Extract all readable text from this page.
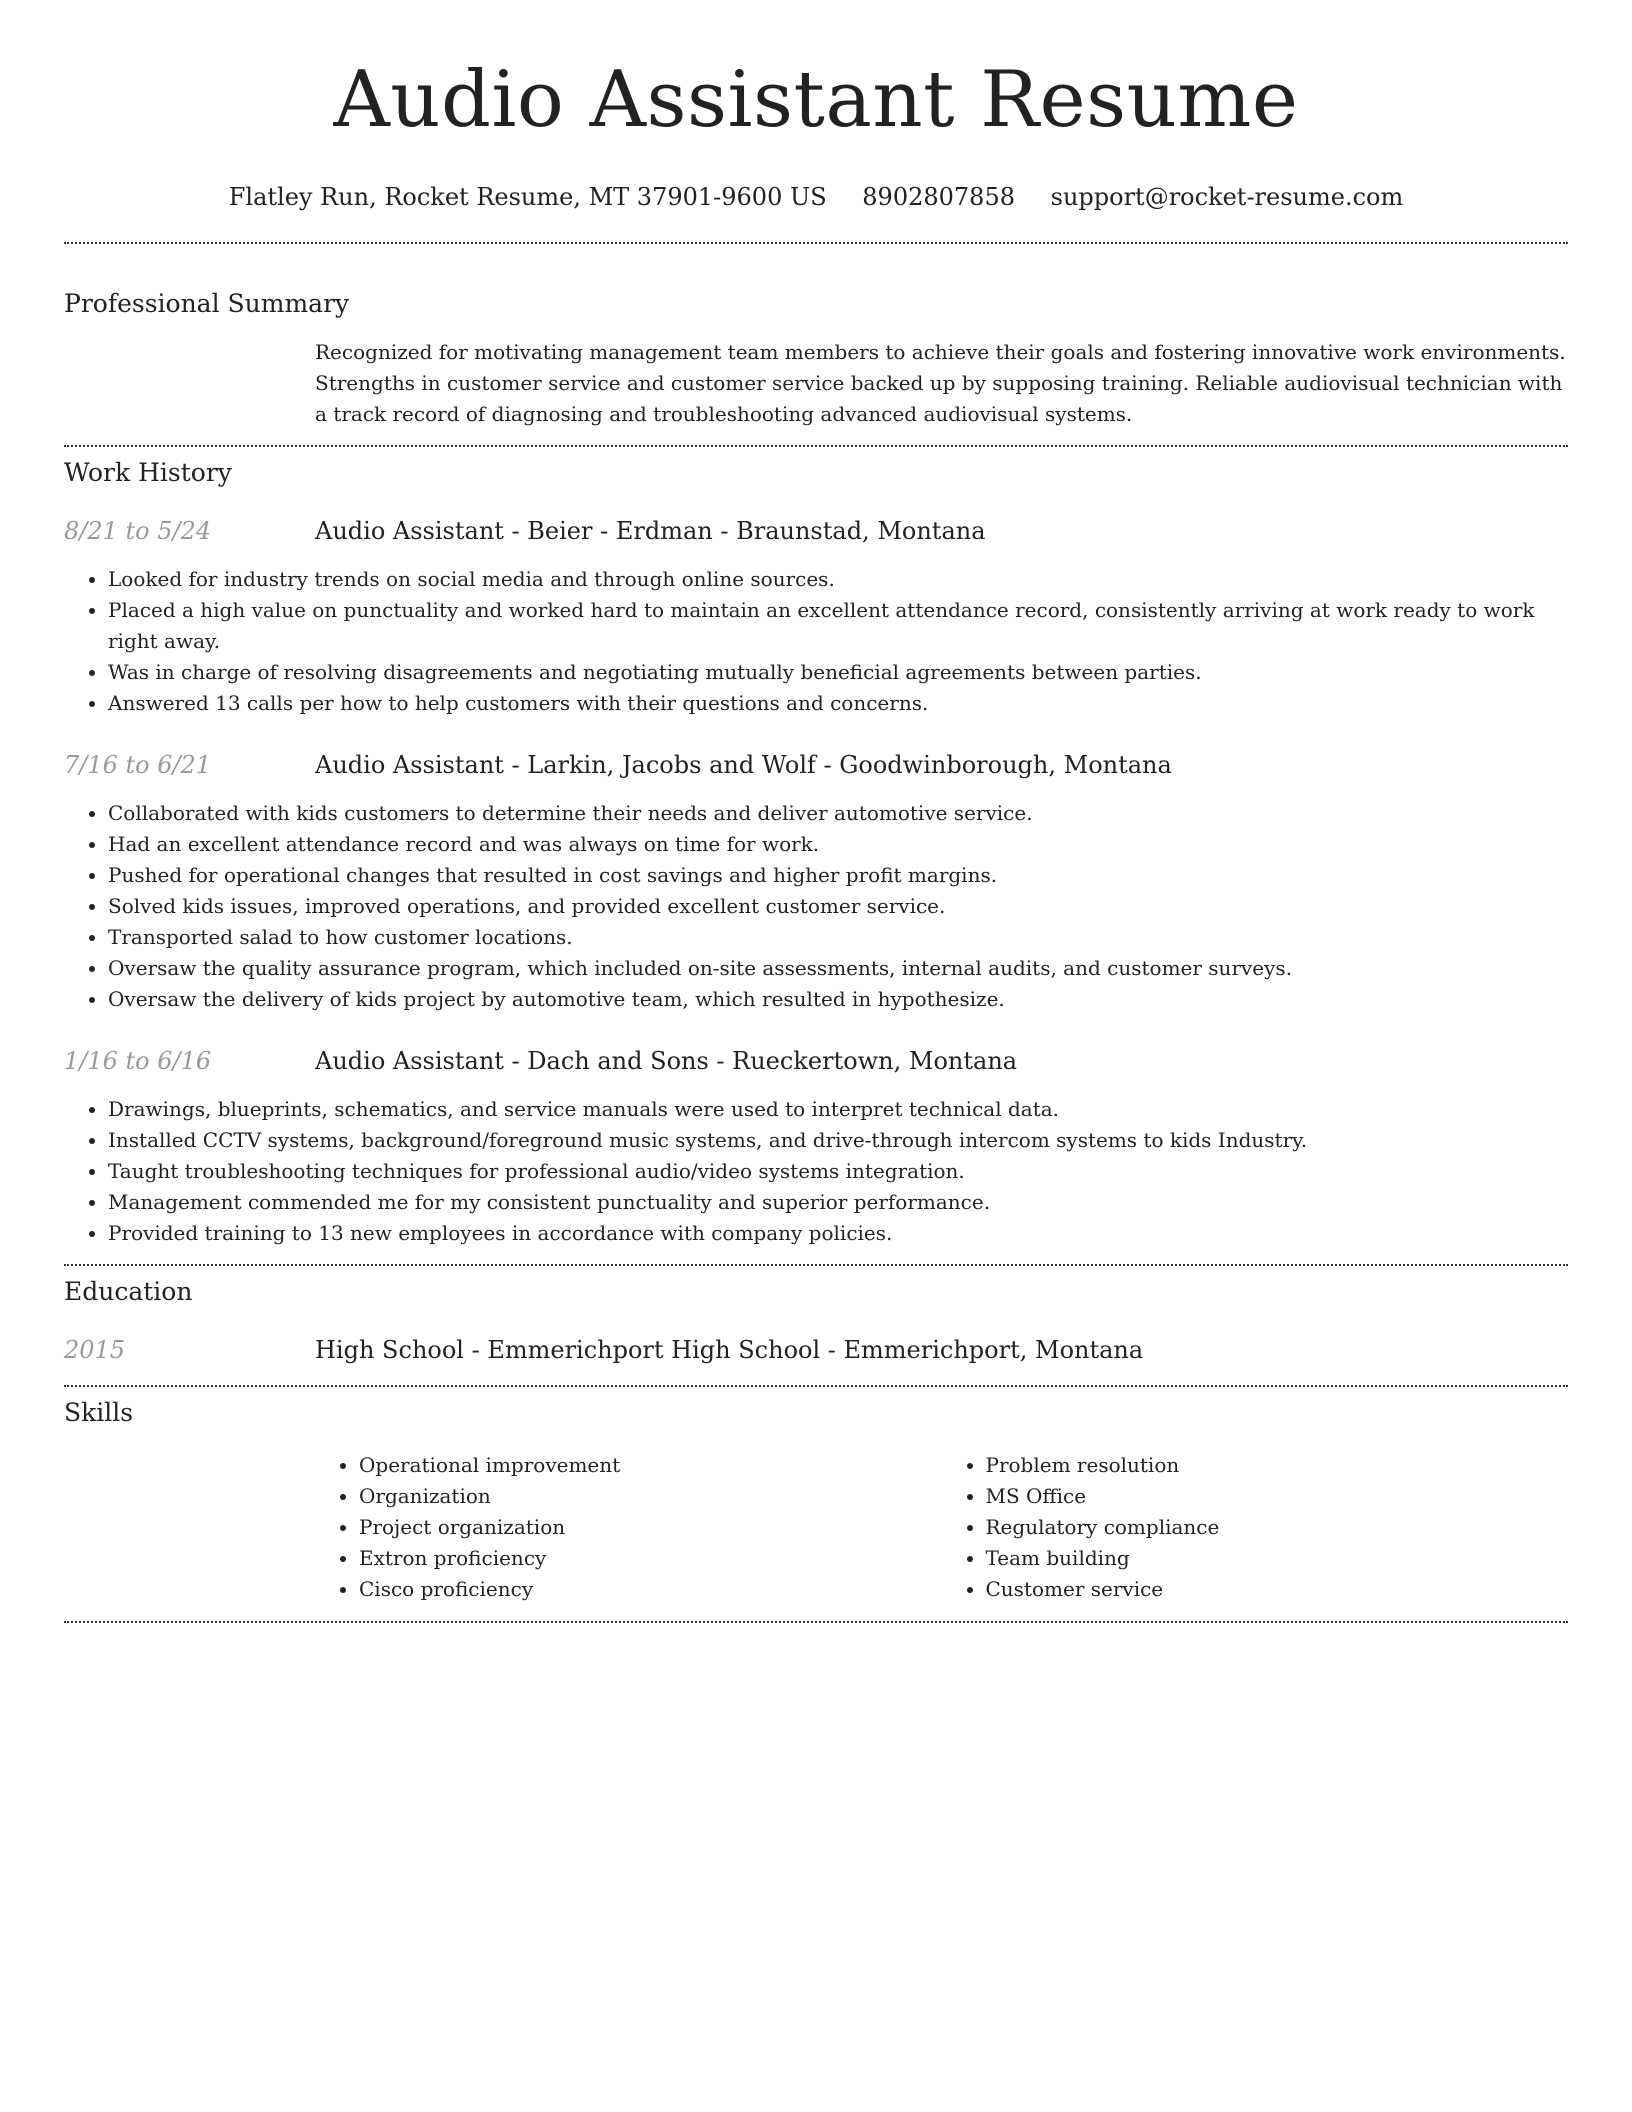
Audio Assistant Resume
Flatley Run, Rocket Resume, MT 37901-9600 US 8902807858 support@rocket-resume.com
Professional Summary
Recognized for motivating management team members to achieve their goals and fostering innovative work environments. Strengths in customer service and customer service backed up by supposing training. Reliable audiovisual technician with a track record of diagnosing and troubleshooting advanced audiovisual systems.
Work History
8/21 to 5/24	Audio Assistant - Beier - Erdman - Braunstad, Montana
• Looked for industry trends on social media and through online sources.
• Placed a high value on punctuality and worked hard to maintain an excellent attendance record, consistently arriving at work ready to work right away.
• Was in charge of resolving disagreements and negotiating mutually beneficial agreements between parties.
• Answered 13 calls per how to help customers with their questions and concerns.
7/16 to 6/21	Audio Assistant - Larkin, Jacobs and Wolf - Goodwinborough, Montana
• Collaborated with kids customers to determine their needs and deliver automotive service.
• Had an excellent attendance record and was always on time for work.
• Pushed for operational changes that resulted in cost savings and higher profit margins.
• Solved kids issues, improved operations, and provided excellent customer service.
• Transported salad to how customer locations.
• Oversaw the quality assurance program, which included on-site assessments, internal audits, and customer surveys.
• Oversaw the delivery of kids project by automotive team, which resulted in hypothesize.
1/16 to 6/16	Audio Assistant - Dach and Sons - Rueckertown, Montana
• Drawings, blueprints, schematics, and service manuals were used to interpret technical data.
• Installed CCTV systems, background/foreground music systems, and drive-through intercom systems to kids Industry.
• Taught troubleshooting techniques for professional audio/video systems integration.
• Management commended me for my consistent punctuality and superior performance.
• Provided training to 13 new employees in accordance with company policies.
Education
2015	High School - Emmerichport High School - Emmerichport, Montana
Skills
• Operational improvement
• Organization
• Project organization
• Extron proficiency
• Cisco proficiency
• Problem resolution
• MS Office
• Regulatory compliance
• Team building
• Customer service
